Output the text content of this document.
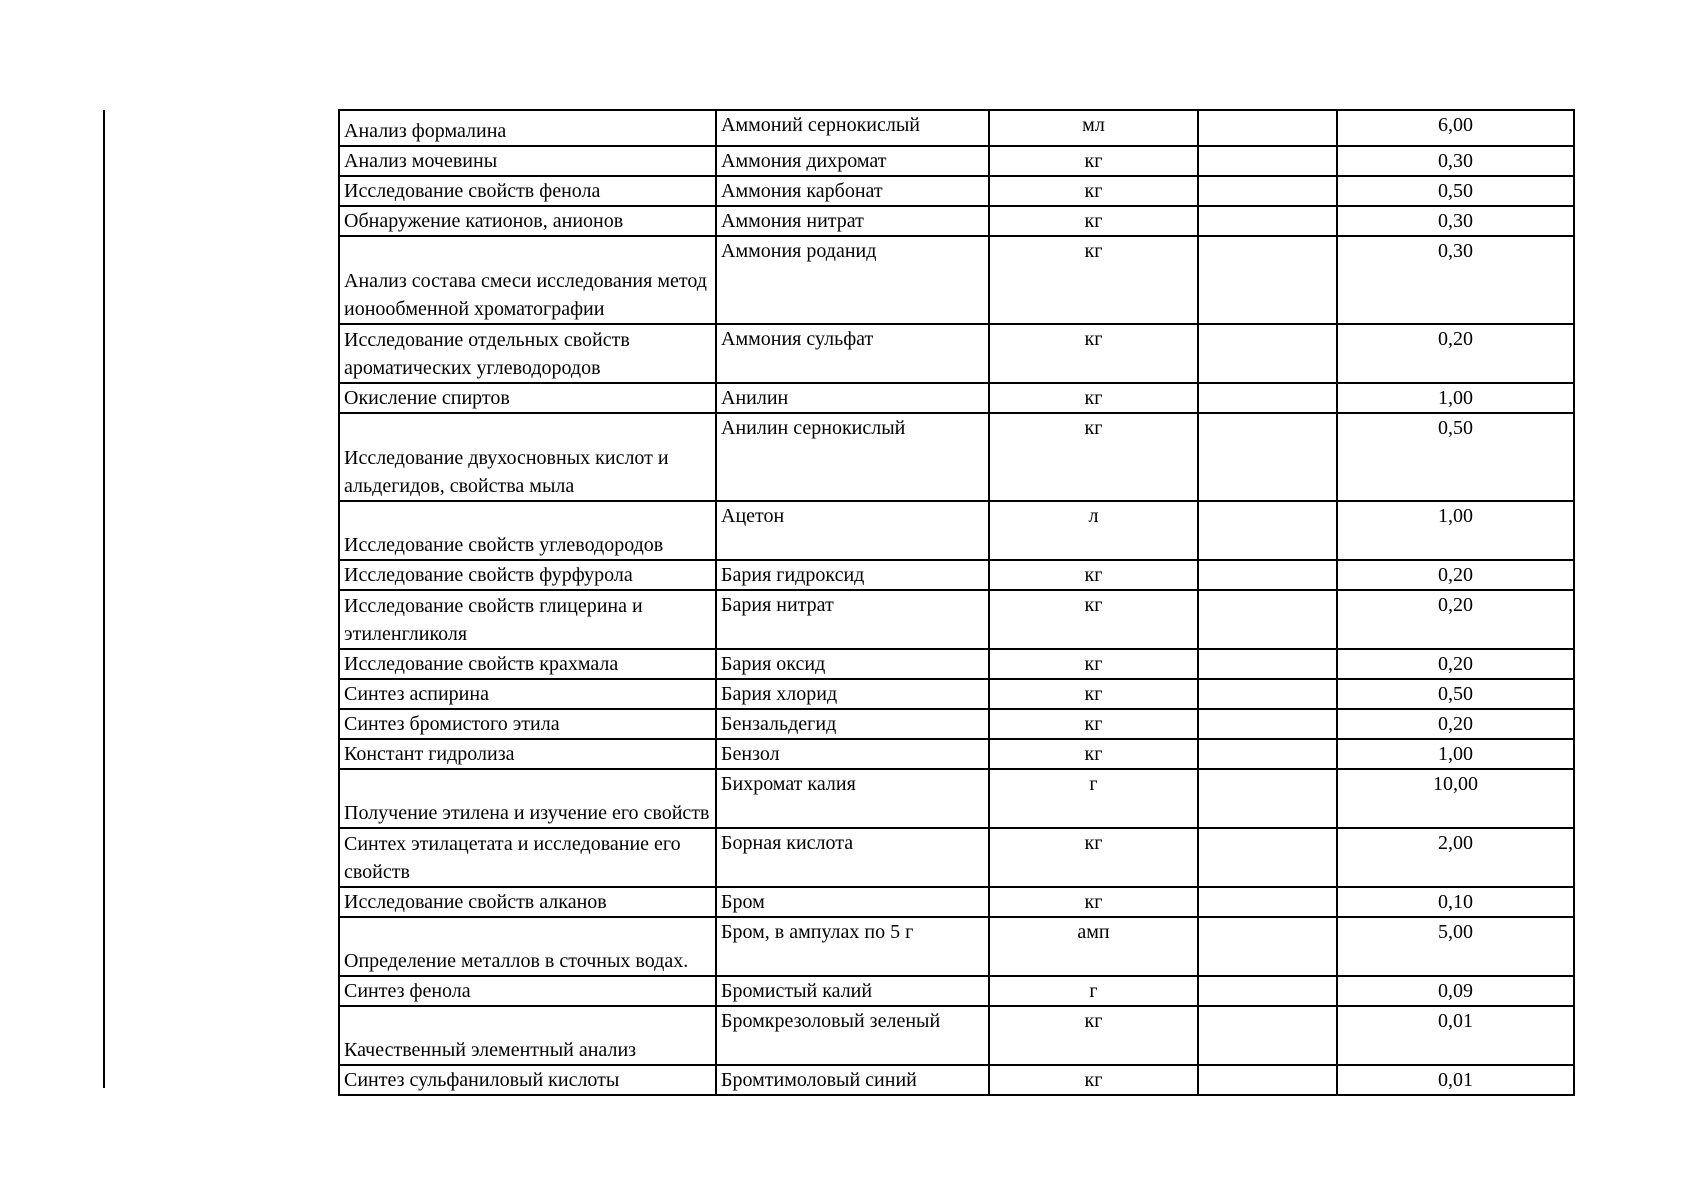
Анализ формалина	Аммоний сернокислый	мл		6,00
Анализ мочевины	Аммония дихромат	кг		0,30
Исследование свойств фенола	Аммония карбонат	кг		0,50
Обнаружение катионов, анионов	Аммония нитрат	кг		0,30
Анализ состава смеси исследования метод ионообменной хроматографии	Аммония роданид	кг		0,30
Исследование отдельных свойств ароматических углеводородов	Аммония сульфат	кг		0,20
Окисление спиртов	Анилин	кг		1,00
Исследование двухосновных кислот и альдегидов, свойства мыла	Анилин сернокислый	кг		0,50
Исследование свойств углеводородов	Ацетон	л		1,00
Исследование свойств фурфурола	Бария гидроксид	кг		0,20
Исследование свойств глицерина и этиленгликоля	Бария нитрат	кг		0,20
Исследование свойств крахмала	Бария оксид	кг		0,20
Синтез аспирина	Бария хлорид	кг		0,50
Синтез бромистого этила	Бензальдегид	кг		0,20
Констант гидролиза	Бензол	кг		1,00
Получение этилена и изучение его свойств	Бихромат калия	г		10,00
Синтех этилацетата и исследование его свойств	Борная кислота	кг		2,00
Исследование свойств алканов	Бром	кг		0,10
Определение металлов в сточных водах.	Бром, в ампулах по 5 г	амп		5,00
Синтез фенола	Бромистый калий	г		0,09
Качественный элементный анализ	Бромкрезоловый зеленый	кг		0,01
Синтез сульфаниловый кислоты	Бромтимоловый синий	кг		0,01
